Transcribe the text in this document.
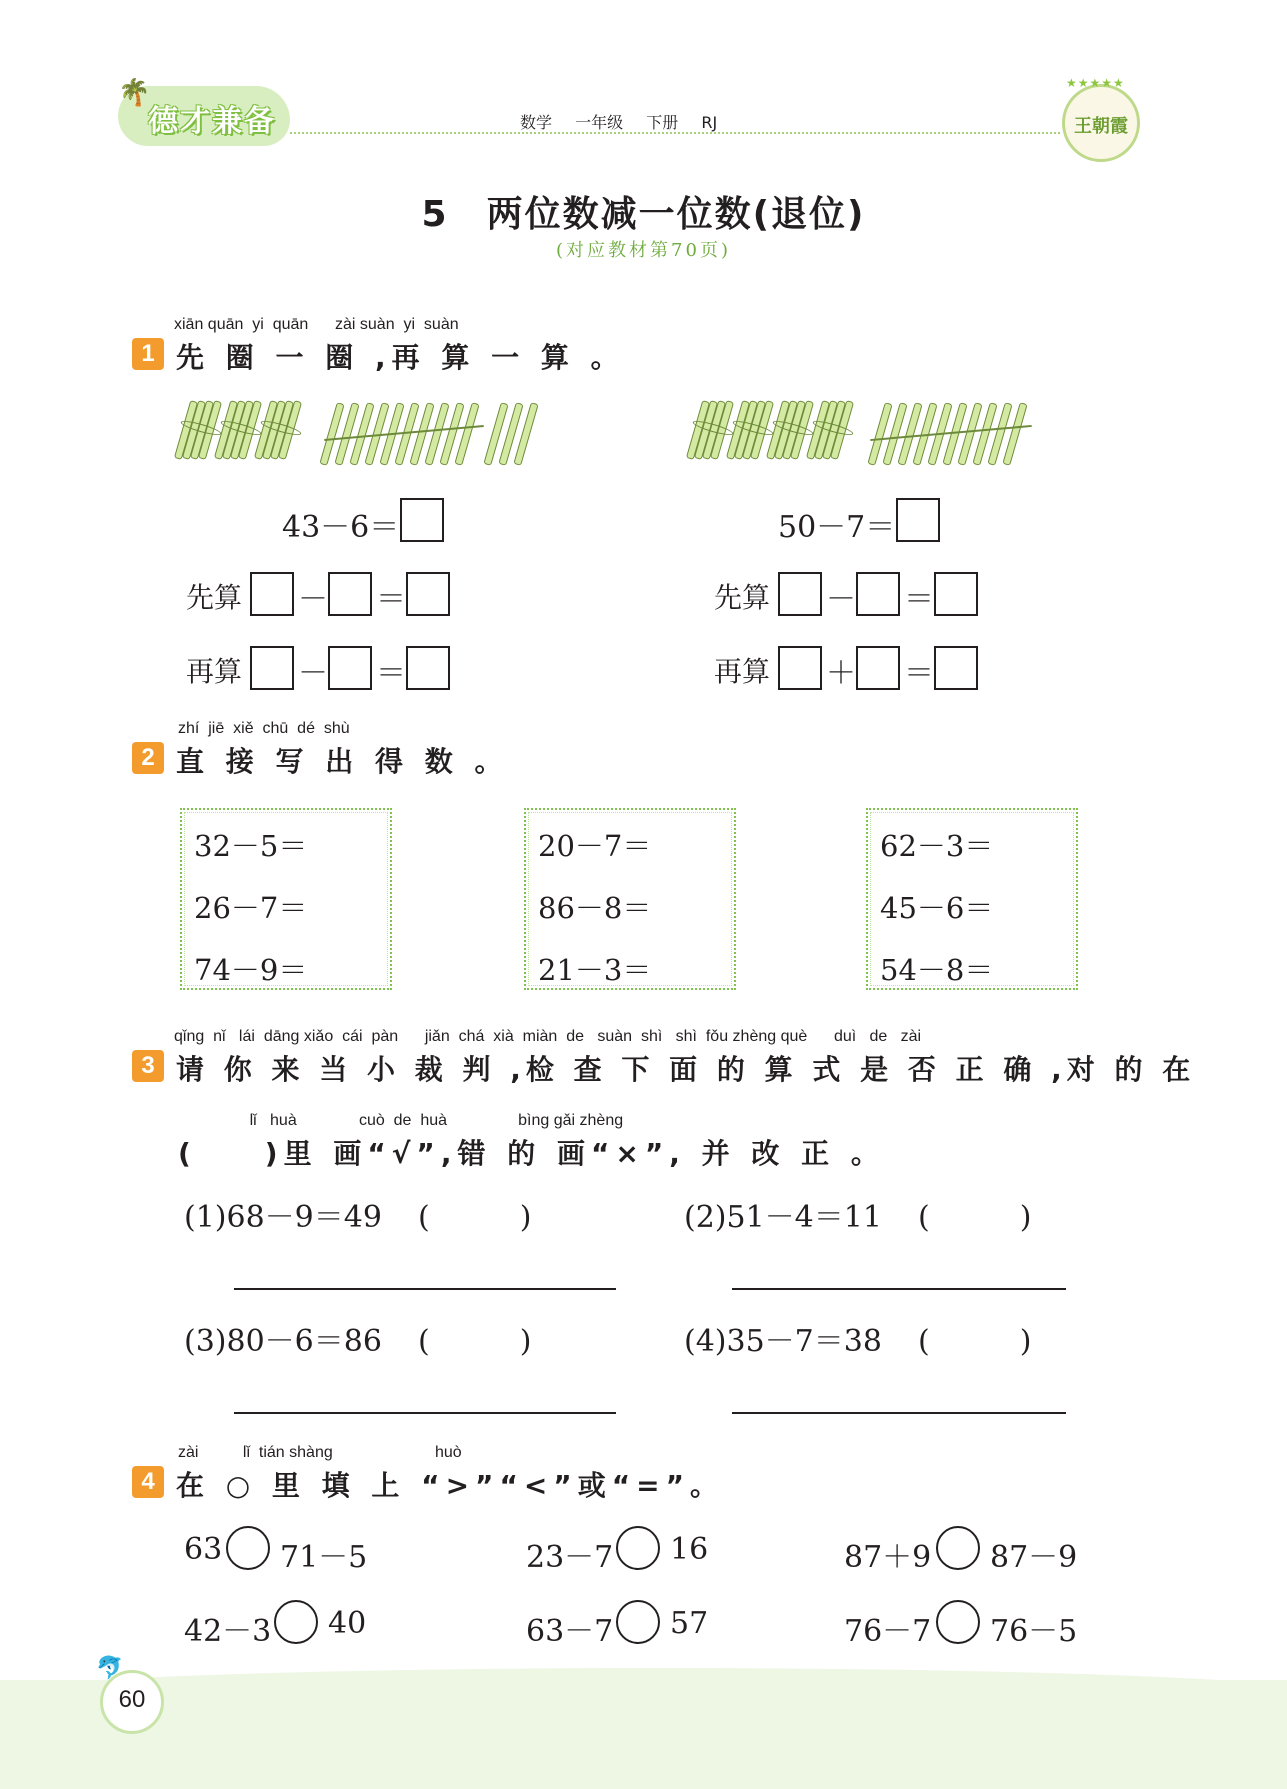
🌴
德才兼备	数学 一年级 下册 RJ
★★★★★
王朝霞
5　两位数减一位数(退位)
(对应教材第70页)
xiān quān  yi  quān      zài suàn  yi  suàn
1 先 圈 一 圈 ,再 算 一 算 。
43－6＝
先算 － ＝
再算 － ＝
50－7＝
先算 － ＝
再算 ＋ ＝
zhí  jiē  xiě  chū  dé  shù
2 直 接 写 出 得 数 。
32－5＝
26－7＝
74－9＝
20－7＝
86－8＝
21－3＝
62－3＝
45－6＝
54－8＝
qǐng  nǐ   lái  dāng xiǎo  cái  pàn      jiǎn  chá  xià  miàn  de   suàn  shì   shì  fǒu zhèng què      duì   de   zài
3 请 你 来 当 小 裁 判 ,检 查 下 面 的 算 式 是 否 正 确 ,对 的 在
lǐ   huà              cuò  de  huà                bìng gǎi zhèng
(　　)里 画“√”,错 的 画“×”, 并 改 正 。
(1)68－9＝49 (　　　)	(2)51－4＝11 (　　　)
(3)80－6＝86 (　　　)	(4)35－7＝38 (　　　)
zài          lǐ  tián shàng                       huò
4 在 ○ 里 填 上 “>”“<”或“=”。
63 71－5	23－7 16	87＋9 87－9
42－3 40	63－7 57	76－7 76－5
🐬
60
